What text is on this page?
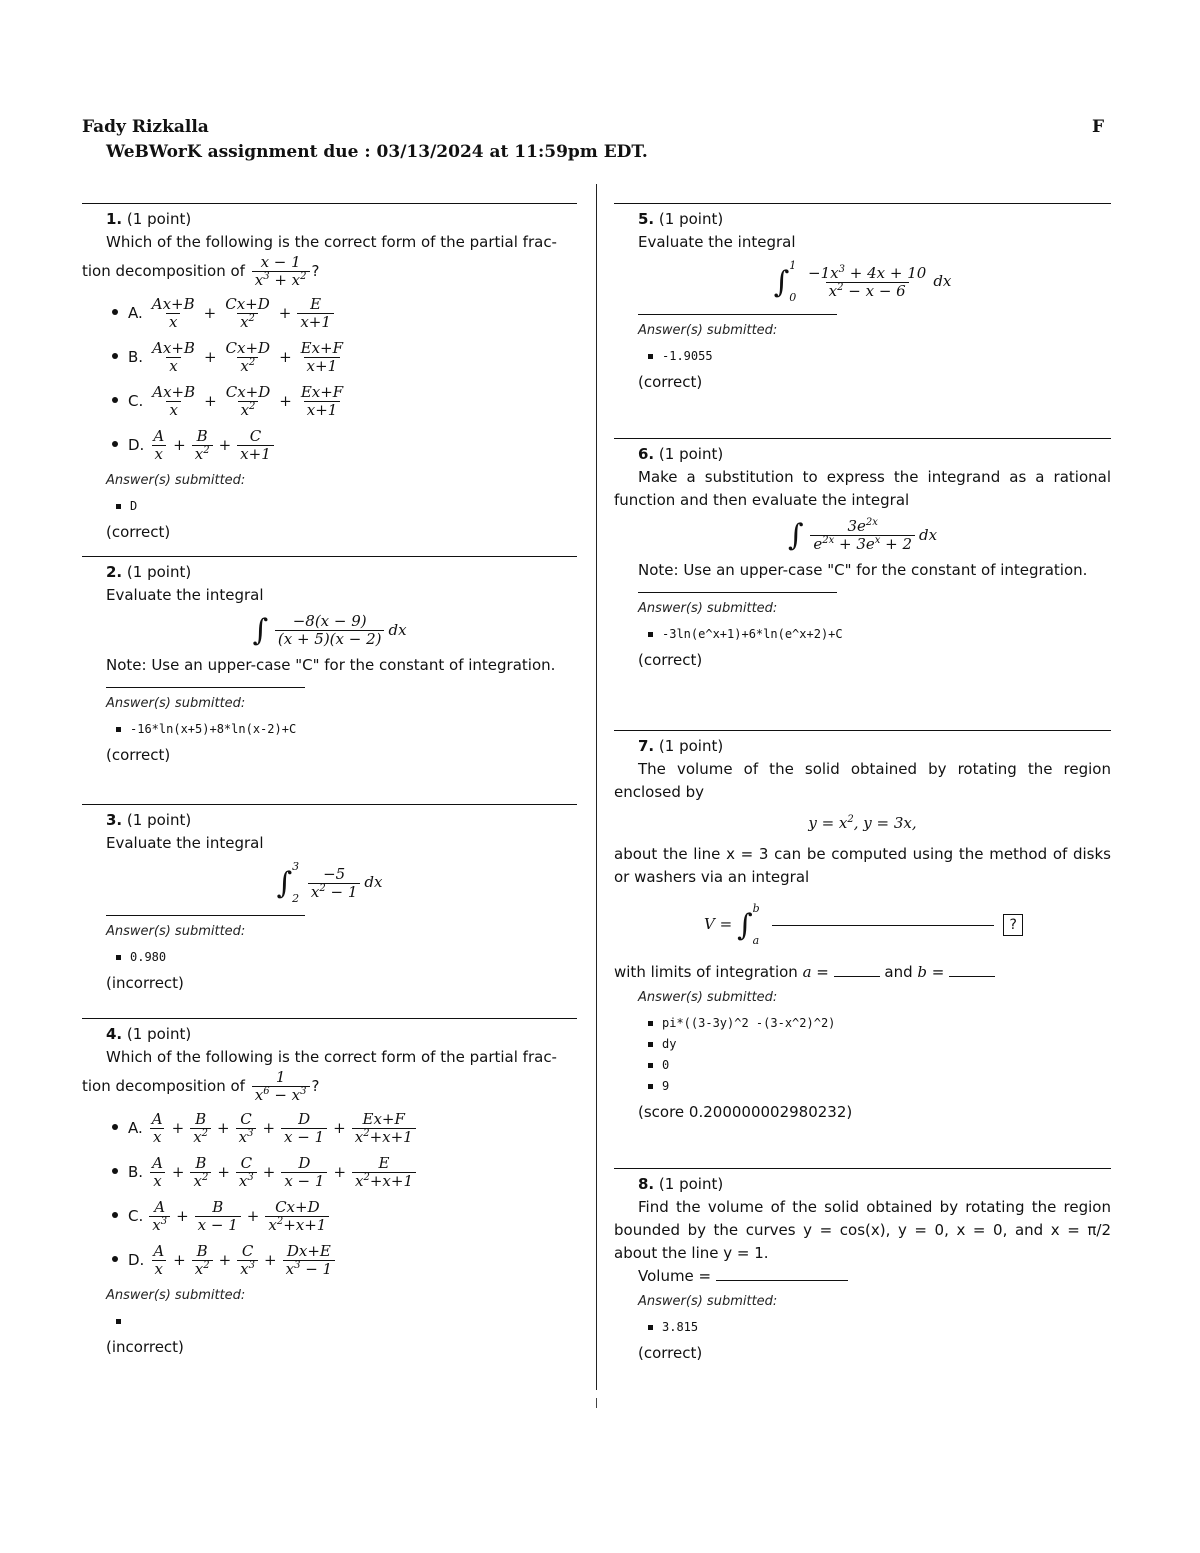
Fady Rizkalla	F
WeBWorK assignment due : 03/13/2024 at 11:59pm EDT.
1. (1 point)
Which of the following is the correct form of the partial frac-
tion decomposition of $\frac{x - 1}{x^3 + x^2}$ ?
A. $\frac{Ax+B}{x} + \frac{Cx+D}{x^2} + \frac{E}{x+1}$
B. $\frac{Ax+B}{x} + \frac{Cx+D}{x^2} + \frac{Ex+F}{x+1}$
C. $\frac{Ax+B}{x} + \frac{Cx+D}{x^2} + \frac{Ex+F}{x+1}$
D. $\frac{A}{x} + \frac{B}{x^2} + \frac{C}{x+1}$
Answer(s) submitted:
D
(correct)
2. (1 point)
Evaluate the integral
∫ $\frac{-8(x - 9)}{(x + 5)(x - 2)}$ dx
Note: Use an upper-case "C" for the constant of integration.
Answer(s) submitted:
-16*ln(x+5)+8*ln(x-2)+C
(correct)
3. (1 point)
Evaluate the integral
∫ 3
2
$\frac{-5}{x^2 - 1}$ dx
Answer(s) submitted:
0.980
(incorrect)
4. (1 point)
Which of the following is the correct form of the partial frac-
tion decomposition of $\frac{1}{x^6 - x^3}$ ?
A. $\frac{A}{x} + \frac{B}{x^2} + \frac{C}{x^3} + \frac{D}{x - 1} + \frac{Ex+F}{x^2+x+1}$
B. $\frac{A}{x} + \frac{B}{x^2} + \frac{C}{x^3} + \frac{D}{x - 1} + \frac{E}{x^2+x+1}$
C. $\frac{A}{x^3} + \frac{B}{x - 1} + \frac{Cx+D}{x^2+x+1}$
D. $\frac{A}{x} + \frac{B}{x^2} + \frac{C}{x^3} + \frac{Dx+E}{x^3 - 1}$
Answer(s) submitted:
(incorrect)
5. (1 point)
Evaluate the integral
∫ 1
0
$\frac{-1x^3 + 4x + 10}{x^2 - x - 6}$ dx
Answer(s) submitted:
-1.9055
(correct)
6. (1 point)
Make a substitution to express the integrand as a rational function and then evaluate the integral
∫ $\frac{3e^{2x}}{e^{2x} + 3e^x + 2}$ dx
Note: Use an upper-case "C" for the constant of integration.
Answer(s) submitted:
-3ln(e^x+1)+6*ln(e^x+2)+C
(correct)
7. (1 point)
The volume of the solid obtained by rotating the region enclosed by
$y = x^2$, y = 3x,
about the line x = 3 can be computed using the method of disks or washers via an integral
V = ∫ b
a
?
with limits of integration a =	and b =
Answer(s) submitted:
pi*((3-3y)^2 -(3-x^2)^2)
dy
0
9
(score 0.200000002980232)
8. (1 point)
Find the volume of the solid obtained by rotating the region bounded by the curves y = cos(x), y = 0, x = 0, and x = π/2 about the line y = 1.
Volume =
Answer(s) submitted:
3.815
(correct)
